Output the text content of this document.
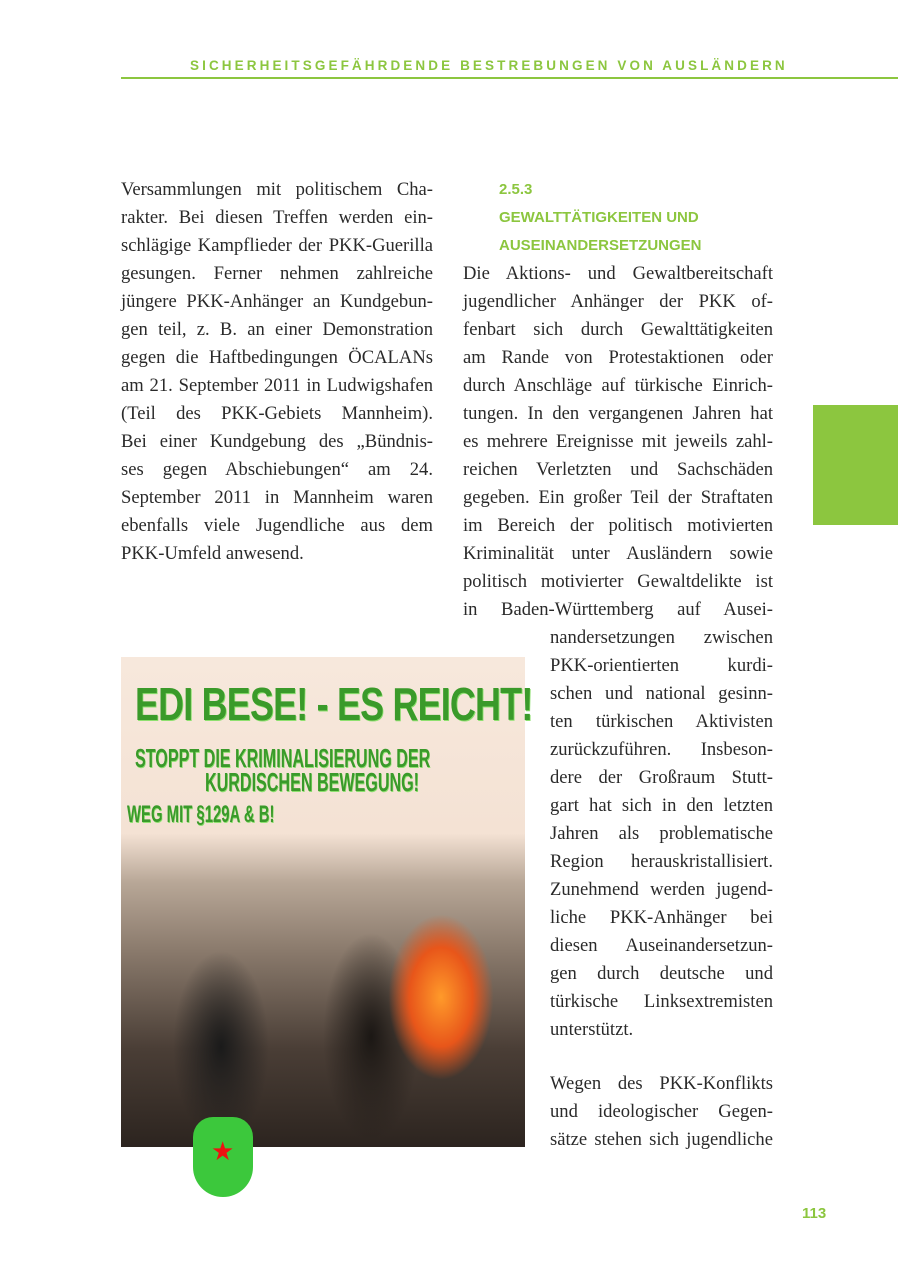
SICHERHEITSGEFÄHRDENDE BESTREBUNGEN VON AUSLÄNDERN
Versammlungen mit politischem Cha-
rakter. Bei diesen Treffen werden ein-
schlägige Kampflieder der PKK-Guerilla
gesungen. Ferner nehmen zahlreiche
jüngere PKK-Anhänger an Kundgebun-
gen teil, z. B. an einer Demonstration
gegen die Haftbedingungen ÖCALANs
am 21. September 2011 in Ludwigshafen
(Teil des PKK-Gebiets Mannheim).
Bei einer Kundgebung des „Bündnis-
ses gegen Abschiebungen“ am 24.
September 2011 in Mannheim waren
ebenfalls viele Jugendliche aus dem
PKK-Umfeld anwesend.
2.5.3
GEWALTTÄTIGKEITEN UND
AUSEINANDERSETZUNGEN
Die Aktions- und Gewaltbereitschaft
jugendlicher Anhänger der PKK of-
fenbart sich durch Gewalttätigkeiten
am Rande von Protestaktionen oder
durch Anschläge auf türkische Einrich-
tungen. In den vergangenen Jahren hat
es mehrere Ereignisse mit jeweils zahl-
reichen Verletzten und Sachschäden
gegeben. Ein großer Teil der Straftaten
im Bereich der politisch motivierten
Kriminalität unter Ausländern sowie
politisch motivierter Gewaltdelikte ist
in Baden-Württemberg auf Ausei-
nandersetzungen zwischen
PKK-orientierten kurdi-
schen und national gesinn-
ten türkischen Aktivisten
zurückzuführen. Insbeson-
dere der Großraum Stutt-
gart hat sich in den letzten
Jahren als problematische
Region herauskristallisiert.
Zunehmend werden jugend-
liche PKK-Anhänger bei
diesen Auseinandersetzun-
gen durch deutsche und
türkische Linksextremisten
unterstützt.
Wegen des PKK-Konflikts
und ideologischer Gegen-
sätze stehen sich jugendliche
★
EDI BESE! - ES REICHT!
STOPPT DIE KRIMINALISIERUNG DER
KURDISCHEN BEWEGUNG!
WEG MIT §129A & B!
113
